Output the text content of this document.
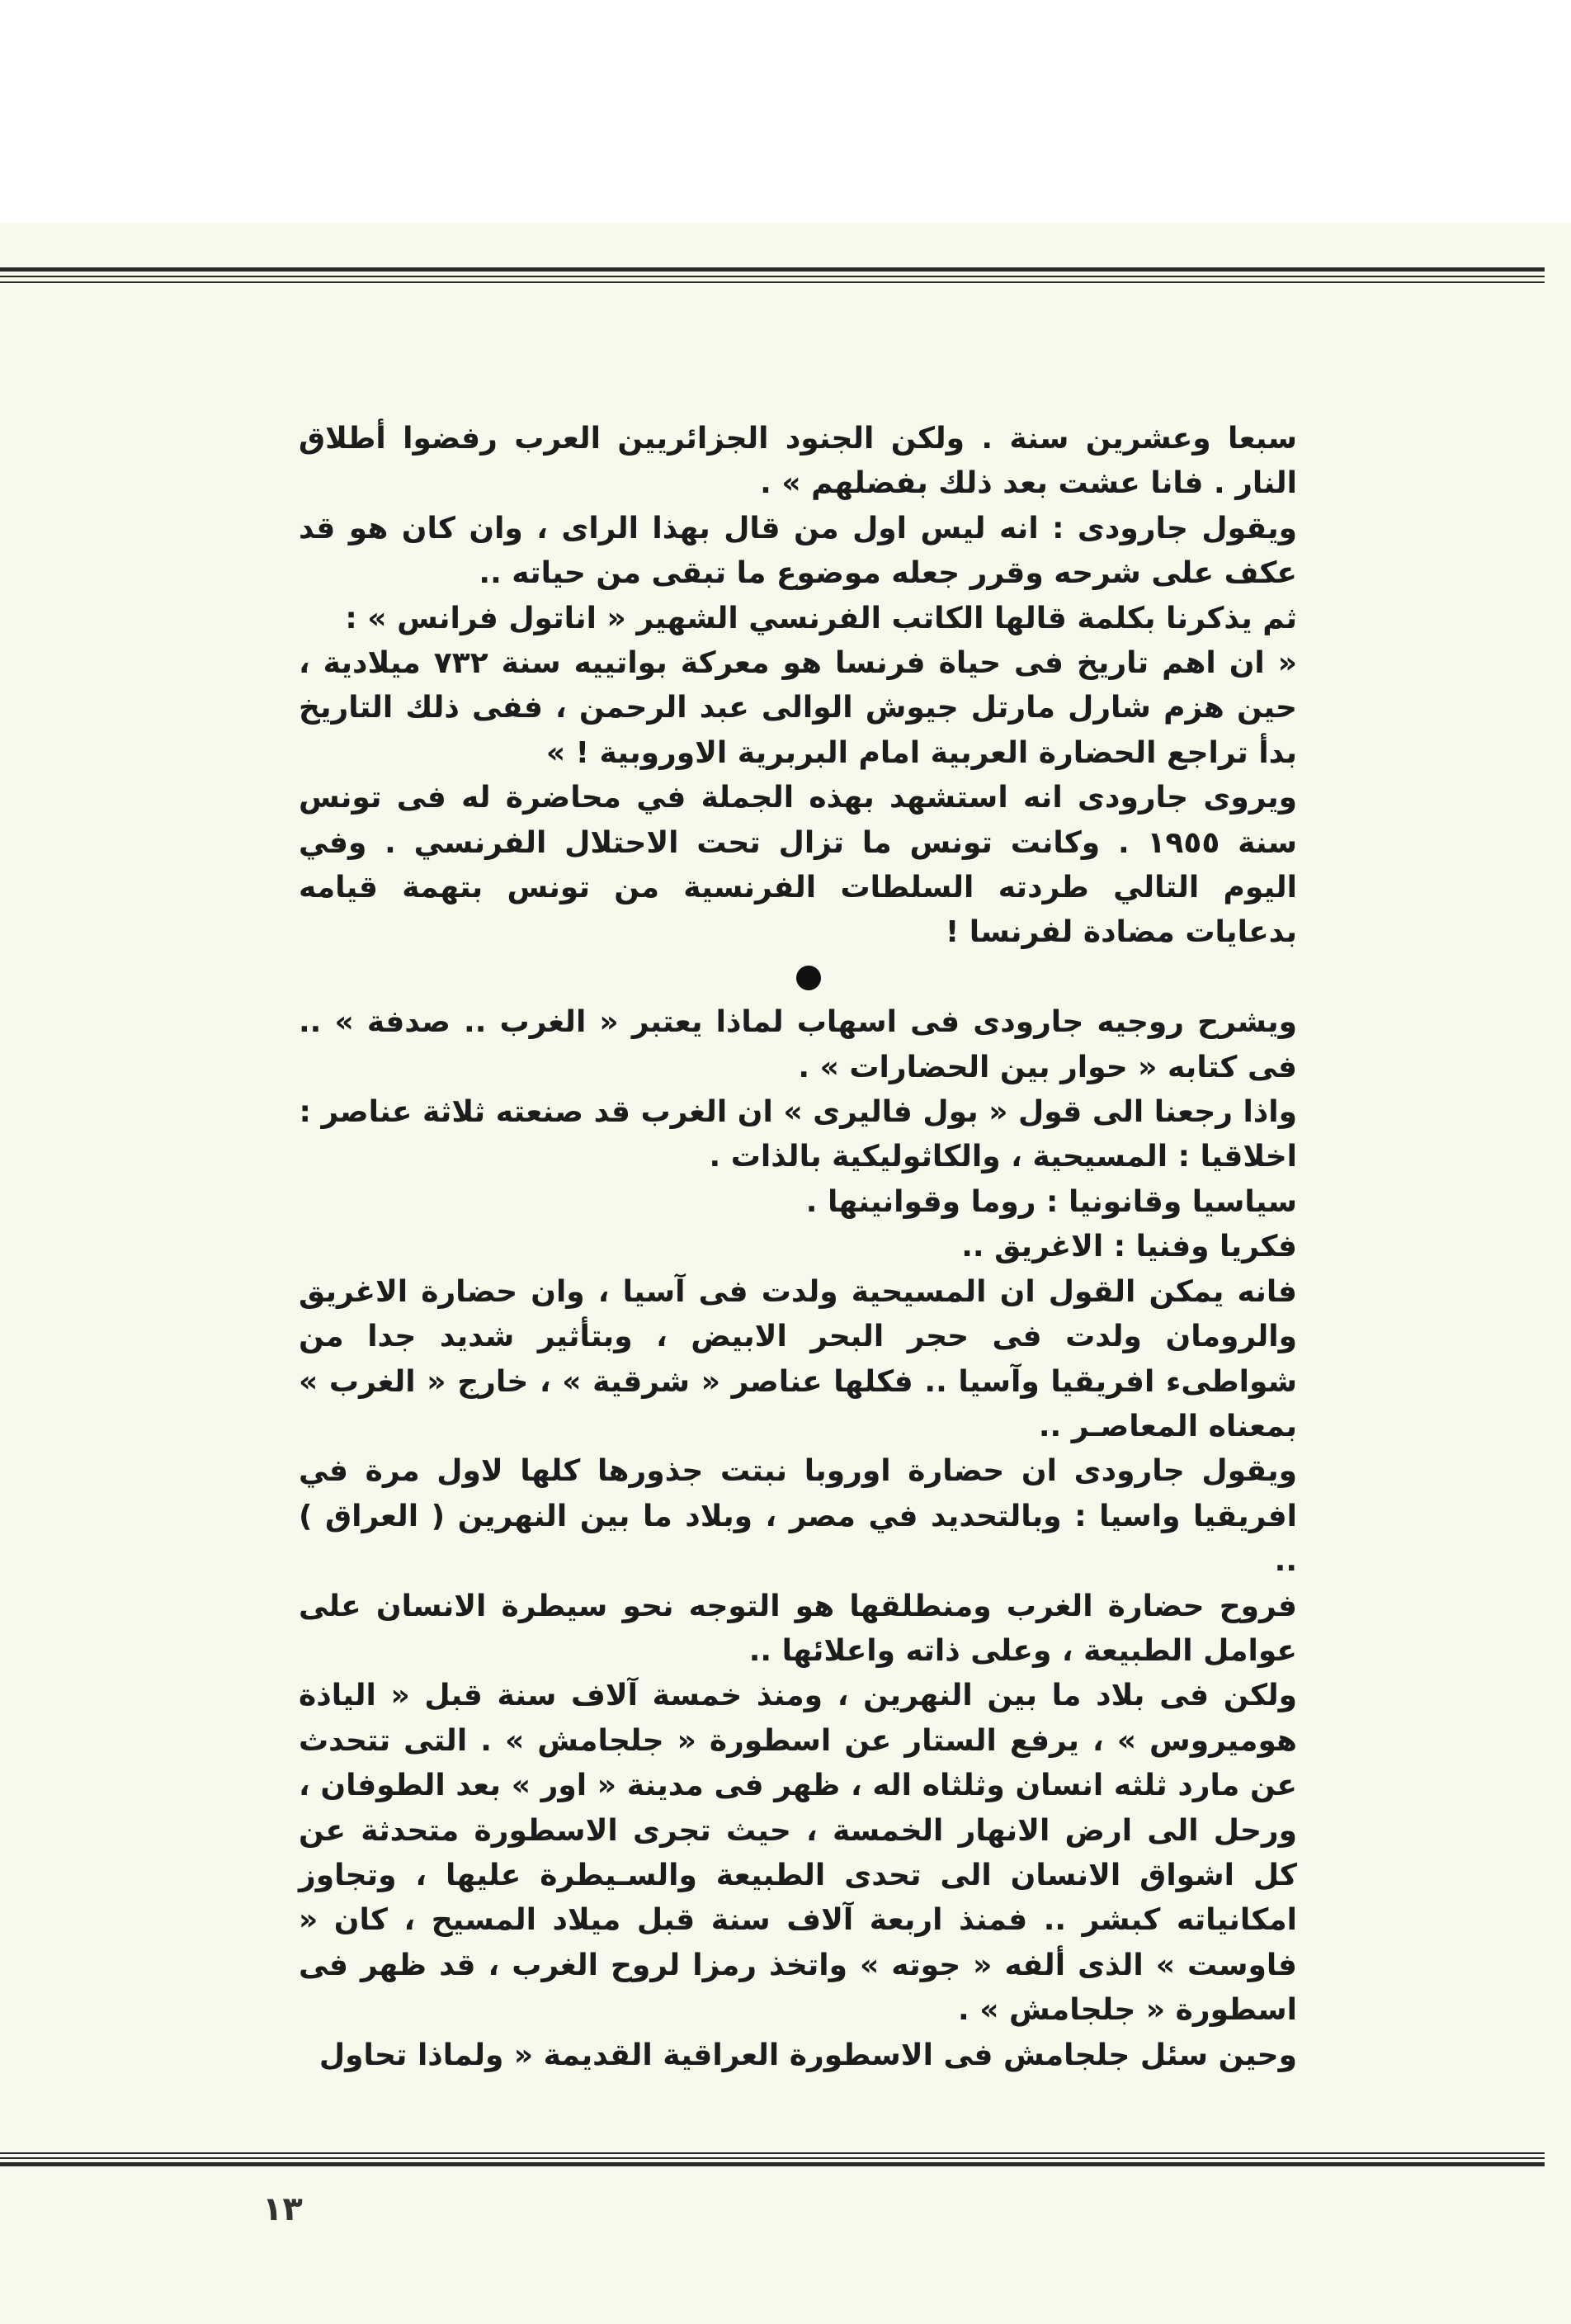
سبعا وعشرين سنة . ولكن الجنود الجزائريين العرب رفضوا أطلاق النار . فانا عشت بعد ذلك بفضلهم » .

ويقول جارودى : انه ليس اول من قال بهذا الراى ، وان كان هو قد عكف على شرحه وقرر جعله موضوع ما تبقى من حياته ..

ثم يذكرنا بكلمة قالها الكاتب الفرنسي الشهير « اناتول فرانس » :

« ان اهم تاريخ فى حياة فرنسا هو معركة بواتييه سنة ٧٣٢ ميلادية ، حين هزم شارل مارتل جيوش الوالى عبد الرحمن ، ففى ذلك التاريخ بدأ تراجع الحضارة العربية امام البربرية الاوروبية ! »

ويروى جارودى انه استشهد بهذه الجملة في محاضرة له فى تونس سنة ١٩٥٥ . وكانت تونس ما تزال تحت الاحتلال الفرنسي . وفي اليوم التالي طردته السلطات الفرنسية من تونس بتهمة قيامه بدعايات مضادة لفرنسا !

ويشرح روجيه جارودى فى اسهاب لماذا يعتبر « الغرب .. صدفة » .. فى كتابه « حوار بين الحضارات » .

واذا رجعنا الى قول « بول فاليرى » ان الغرب قد صنعته ثلاثة عناصر :

اخلاقيا : المسيحية ، والكاثوليكية بالذات .

سياسيا وقانونيا : روما وقوانينها .

فكريا وفنيا : الاغريق ..

فانه يمكن القول ان المسيحية ولدت فى آسيا ، وان حضارة الاغريق والرومان ولدت فى حجر البحر الابيض ، وبتأثير شديد جدا من شواطىء افريقيا وآسيا .. فكلها عناصر « شرقية » ، خارج « الغرب » بمعناه المعاصـر ..

ويقول جارودى ان حضارة اوروبا نبتت جذورها كلها لاول مرة في افريقيا واسيا : وبالتحديد في مصر ، وبلاد ما بين النهرين ( العراق ) ..

فروح حضارة الغرب ومنطلقها هو التوجه نحو سيطرة الانسان على عوامل الطبيعة ، وعلى ذاته واعلائها ..

ولكن فى بلاد ما بين النهرين ، ومنذ خمسة آلاف سنة قبل « الياذة هوميروس » ، يرفع الستار عن اسطورة « جلجامش » . التى تتحدث عن مارد ثلثه انسان وثلثاه اله ، ظهر فى مدينة « اور » بعد الطوفان ، ورحل الى ارض الانهار الخمسة ، حيث تجرى الاسطورة متحدثة عن كل اشواق الانسان الى تحدى الطبيعة والسـيطرة عليها ، وتجاوز امكانياته كبشر .. فمنذ اربعة آلاف سنة قبل ميلاد المسيح ، كان « فاوست » الذى ألفه « جوته » واتخذ رمزا لروح الغرب ، قد ظهر فى اسطورة « جلجامش » .

وحين سئل جلجامش فى الاسطورة العراقية القديمة « ولماذا تحاول

١٣
